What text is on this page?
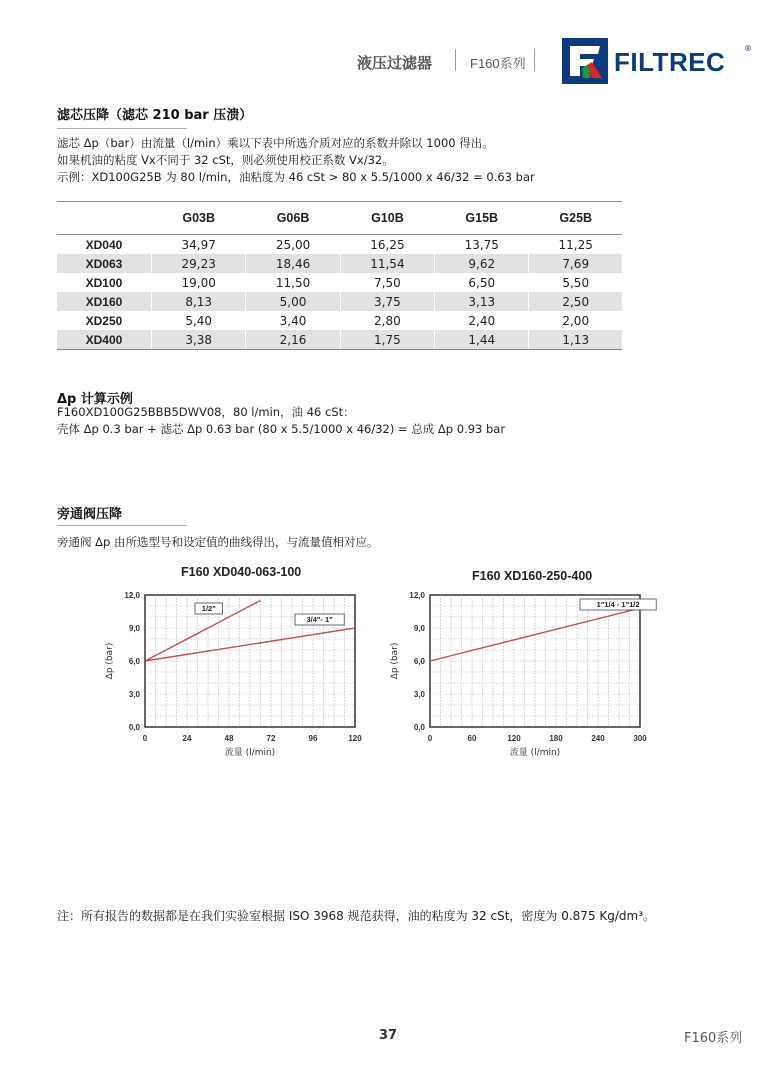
液压过滤器	F160系列	FILTREC ®
滤芯压降（滤芯 210 bar 压溃）
滤芯 Δp（bar）由流量（l/min）乘以下表中所选介质对应的系数并除以 1000 得出。
如果机油的粘度 Vx不同于 32 cSt，则必须使用校正系数 Vx/32。
示例：XD100G25B 为 80 l/min，油粘度为 46 cSt > 80 x 5.5/1000 x 46/32 = 0.63 bar
	G03B	G06B	G10B	G15B	G25B
XD040	34,97	25,00	16,25	13,75	11,25
XD063	29,23	18,46	11,54	9,62	7,69
XD100	19,00	11,50	7,50	6,50	5,50
XD160	8,13	5,00	3,75	3,13	2,50
XD250	5,40	3,40	2,80	2,40	2,00
XD400	3,38	2,16	1,75	1,44	1,13
Δp 计算示例
F160XD100G25BBB5DWV08，80 l/min，油 46 cSt：
壳体 Δp 0.3 bar + 滤芯 Δp 0.63 bar (80 x 5.5/1000 x 46/32) = 总成 Δp 0.93 bar
旁通阀压降
旁通阀 Δp 由所选型号和设定值的曲线得出，与流量值相对应。
F160 XD040-063-100
0	24	48	72	96	120
0,0
3,0
6,0
9,0
12,0
流量 (l/min)
Δp (bar)
1/2"
3/4"- 1"
F160 XD160-250-400
0	60	120	180	240	300
0,0
3,0
6,0
9,0
12,0
流量 (l/min)
Δp (bar)
1"1/4 - 1"1/2
注：所有报告的数据都是在我们实验室根据 ISO 3968 规范获得，油的粘度为 32 cSt，密度为 0.875 Kg/dm³。
37	F160系列
